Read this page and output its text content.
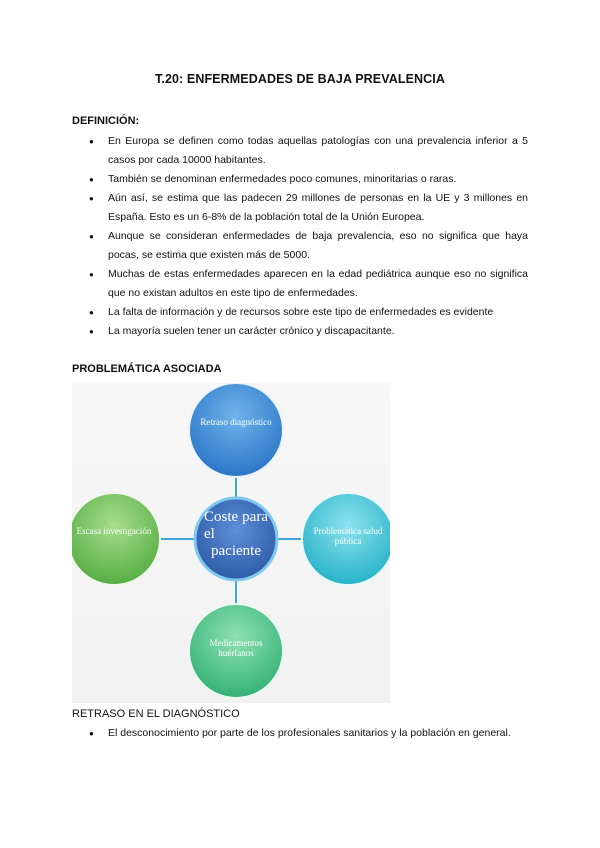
T.20: ENFERMEDADES DE BAJA PREVALENCIA
DEFINICIÓN:
● En Europa se definen como todas aquellas patologías con una prevalencia inferior a 5 casos por cada 10000 habitantes.
● También se denominan enfermedades poco comunes, minoritarias o raras.
● Aún así, se estima que las padecen 29 millones de personas en la UE y 3 millones en España. Esto es un 6-8% de la población total de la Unión Europea.
● Aunque se consideran enfermedades de baja prevalencia, eso no significa que haya pocas, se estima que existen más de 5000.
● Muchas de estas enfermedades aparecen en la edad pediátrica aunque eso no significa que no existan adultos en este tipo de enfermedades.
● La falta de información y de recursos sobre este tipo de enfermedades es evidente
● La mayoría suelen tener un carácter crónico y discapacitante.
PROBLEMÁTICA ASOCIADA
Retraso diagnóstico
Escasa investigación	Problemática salud pública
Medicamentos huérfanos
Coste para el paciente
RETRASO EN EL DIAGNÓSTICO
● El desconocimiento por parte de los profesionales sanitarios y la población en general.
